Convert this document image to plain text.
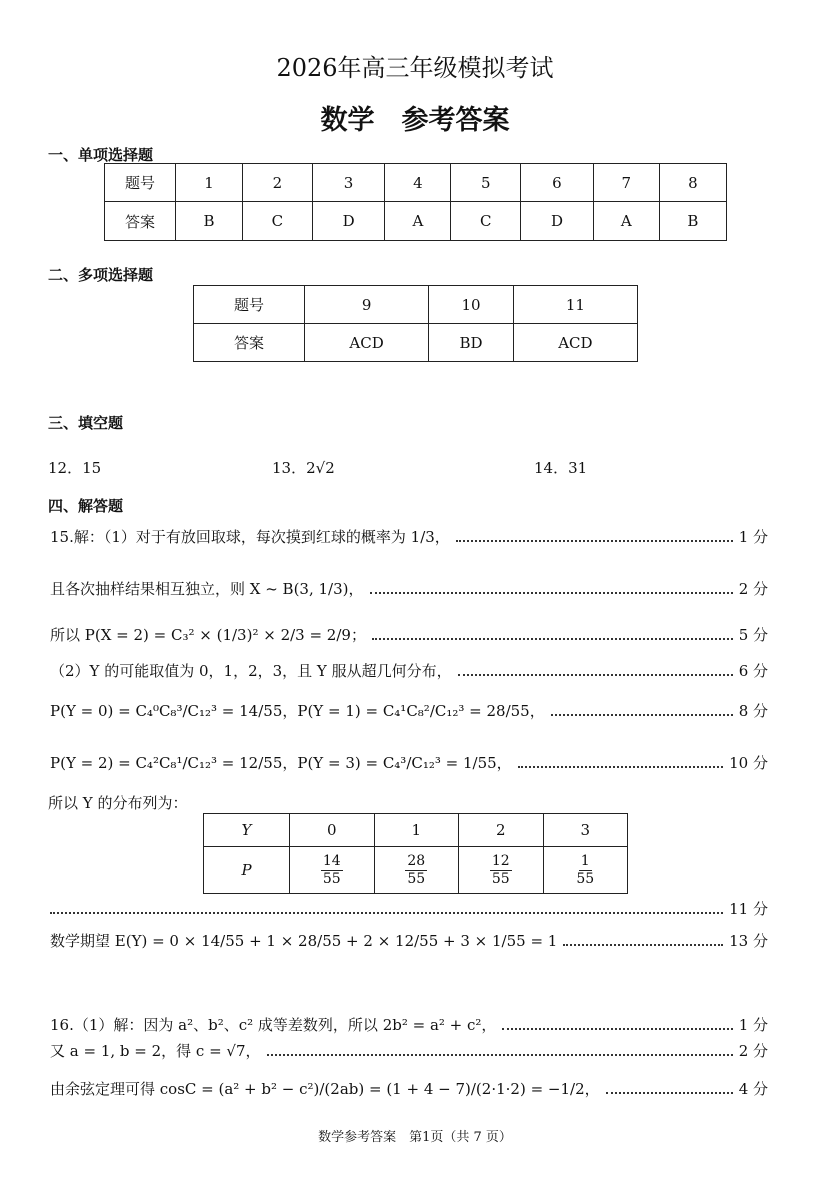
2026年高三年级模拟考试
数学　参考答案
一、单项选择题
题号	1	2	3	4	5	6	7	8
答案	B	C	D	A	C	D	A	B
二、多项选择题
题号	9	10	11
答案	ACD	BD	ACD
三、填空题
12．15	13．2√2	14．31
四、解答题
15.解：（1）对于有放回取球，每次摸到红球的概率为 1/3，	1 分
且各次抽样结果相互独立，则 X ~ B(3, 1/3)，	2 分
所以 P(X = 2) = C₃² × (1/3)² × 2/3 = 2/9；	5 分
（2）Y 的可能取值为 0，1，2，3，且 Y 服从超几何分布，	6 分
P(Y = 0) = C₄⁰C₈³/C₁₂³ = 14/55，P(Y = 1) = C₄¹C₈²/C₁₂³ = 28/55，	8 分
P(Y = 2) = C₄²C₈¹/C₁₂³ = 12/55，P(Y = 3) = C₄³/C₁₂³ = 1/55，	10 分
所以 Y 的分布列为：
Y	0	1	2	3
P	$\frac{14}{55}$	$\frac{28}{55}$	$\frac{12}{55}$	$\frac{1}{55}$
11 分
数学期望 E(Y) = 0 × 14/55 + 1 × 28/55 + 2 × 12/55 + 3 × 1/55 = 1	13 分
16.（1）解：因为 a²、b²、c² 成等差数列，所以 2b² = a² + c²，	1 分
又 a = 1, b = 2，得 c = √7，	2 分
由余弦定理可得 cosC = (a² + b² − c²)/(2ab) = (1 + 4 − 7)/(2·1·2) = −1/2，	4 分
数学参考答案　第1页（共 7 页）
